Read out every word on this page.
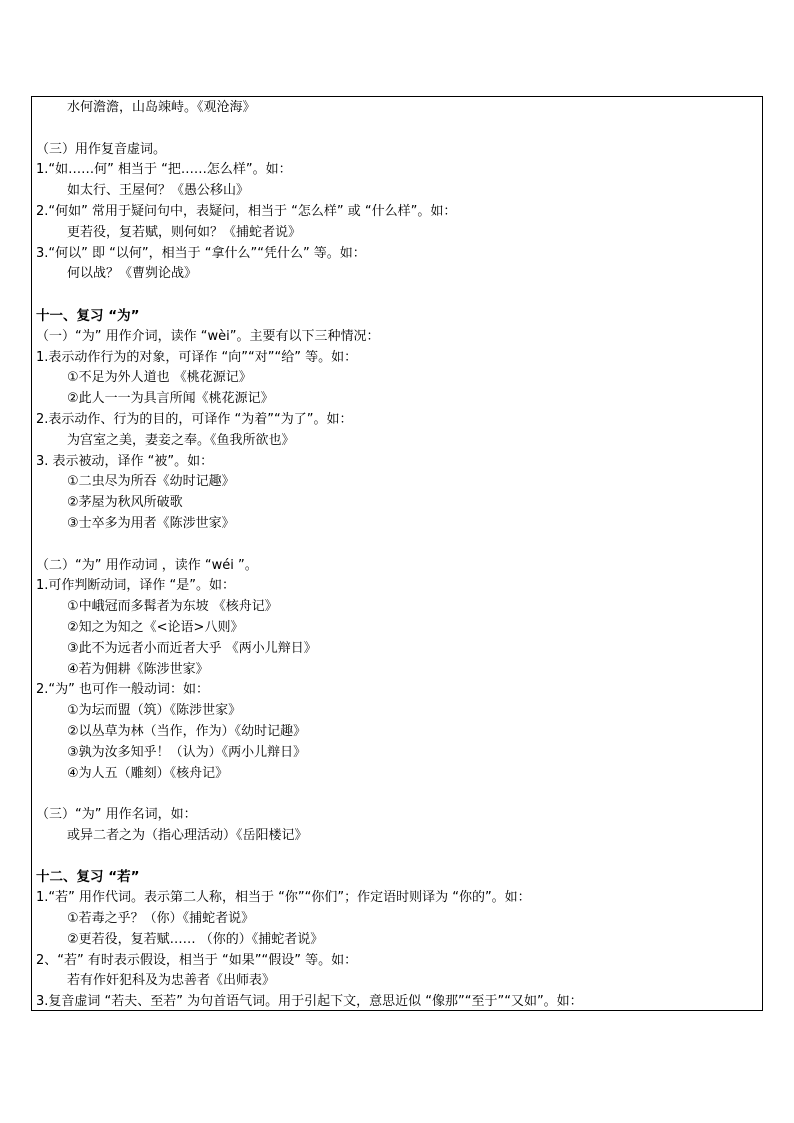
水何澹澹，山岛竦峙。《观沧海》
（三）用作复音虚词。
1.“如……何” 相当于 “把……怎么样”。如：
如太行、王屋何？《愚公移山》
2.“何如” 常用于疑问句中，表疑问，相当于 “怎么样” 或 “什么样”。如：
更若役，复若赋，则何如？《捕蛇者说》
3.“何以” 即 “以何”，相当于 “拿什么”“凭什么” 等。如：
何以战？《曹刿论战》
十一、复习 “为”
（一）“为” 用作介词，读作 “wèi”。主要有以下三种情况：
1.表示动作行为的对象，可译作 “向”“对”“给” 等。如：
①不足为外人道也 《桃花源记》
②此人一一为具言所闻《桃花源记》
2.表示动作、行为的目的，可译作 “为着”“为了”。如：
为宫室之美，妻妾之奉。《鱼我所欲也》
3. 表示被动，译作 “被”。如：
①二虫尽为所吞《幼时记趣》
②茅屋为秋风所破歌
③士卒多为用者《陈涉世家》
（二）“为” 用作动词 ，读作 “wéi ”。
1.可作判断动词，译作 “是”。如：
①中峨冠而多髯者为东坡 《核舟记》
②知之为知之《<论语>八则》
③此不为远者小而近者大乎 《两小儿辩日》
④若为佣耕《陈涉世家》
2.“为” 也可作一般动词：如：
①为坛而盟（筑）《陈涉世家》
②以丛草为林（当作，作为）《幼时记趣》
③孰为汝多知乎！（认为）《两小儿辩日》
④为人五（雕刻）《核舟记》
（三）“为” 用作名词，如：
或异二者之为（指心理活动）《岳阳楼记》
十二、复习 “若”
1.“若” 用作代词。表示第二人称，相当于 “你”“你们”；作定语时则译为 “你的”。如：
①若毒之乎？（你）《捕蛇者说》
②更若役，复若赋…… （你的）《捕蛇者说》
2、“若” 有时表示假设，相当于 “如果”“假设” 等。如：
若有作奸犯科及为忠善者《出师表》
3.复音虚词 “若夫、至若” 为句首语气词。用于引起下文，意思近似 “像那”“至于”“又如”。如：
